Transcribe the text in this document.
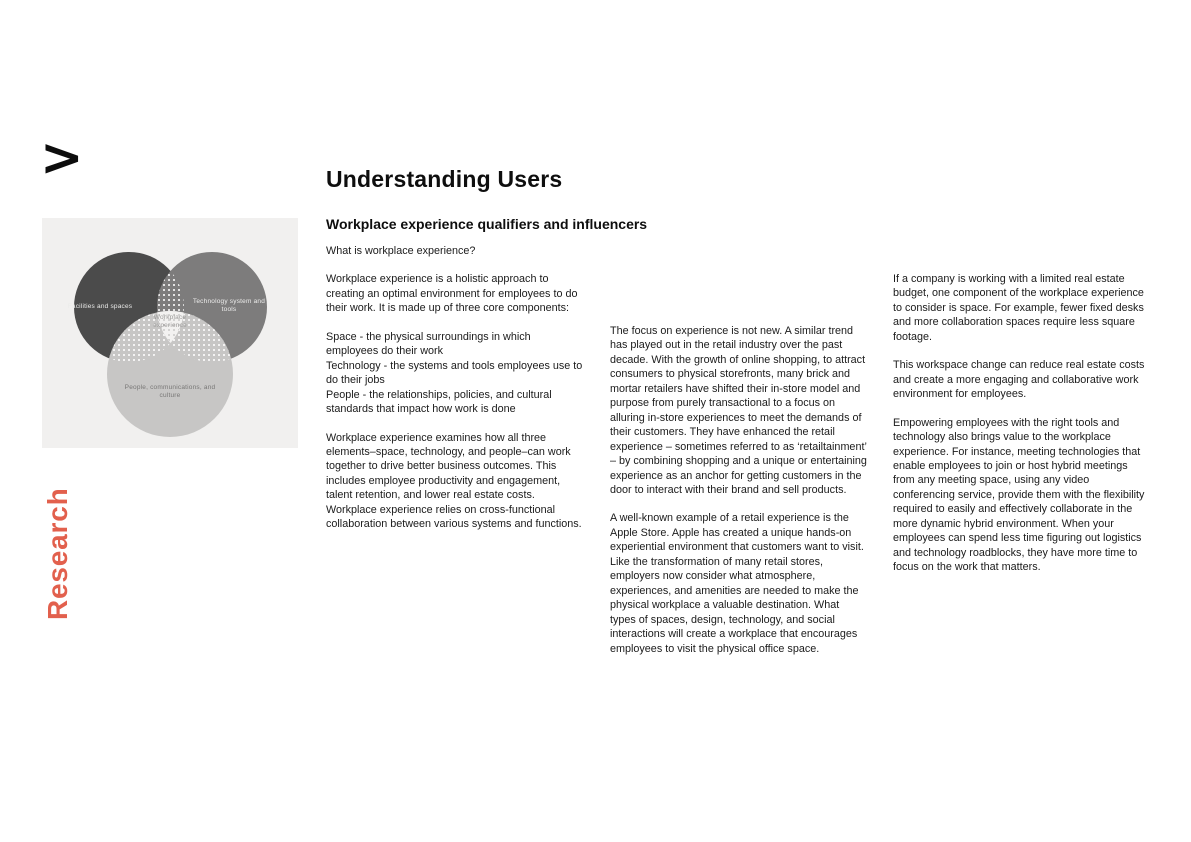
>
Facilities and spaces
Technology system and tools
People, communications, and culture
Workplace experience
Research
Understanding Users
Workplace experience qualifiers and influencers

What is workplace experience?

Workplace experience is a holistic approach to creating an optimal environment for employees to do their work. It is made up of three core components:

Space - the physical surroundings in which employees do their work

Technology - the systems and tools employees use to do their jobs

People - the relationships, policies, and cultural standards that impact how work is done

Workplace experience examines how all three elements–space, technology, and people–can work together to drive better business outcomes. This includes employee productivity and engagement, talent retention, and lower real estate costs. Workplace experience relies on cross-functional collaboration between various systems and functions.

The focus on experience is not new. A similar trend has played out in the retail industry over the past decade. With the growth of online shopping, to attract consumers to physical storefronts, many brick and mortar retailers have shifted their in-store model and purpose from purely transactional to a focus on alluring in-store experiences to meet the demands of their customers. They have enhanced the retail experience – sometimes referred to as ‘retailtainment’ – by combining shopping and a unique or entertaining experience as an anchor for getting customers in the door to interact with their brand and sell products.

A well-known example of a retail experience is the Apple Store. Apple has created a unique hands-on experiential environment that customers want to visit. Like the transformation of many retail stores, employers now consider what atmosphere, experiences, and amenities are needed to make the physical workplace a valuable destination. What types of spaces, design, technology, and social interactions will create a workplace that encourages employees to visit the physical office space.

If a company is working with a limited real estate budget, one component of the workplace experience to consider is space. For example, fewer fixed desks and more collaboration spaces require less square footage.

This workspace change can reduce real estate costs and create a more engaging and collaborative work environment for employees.

Empowering employees with the right tools and technology also brings value to the workplace experience. For instance, meeting technologies that enable employees to join or host hybrid meetings from any meeting space, using any video conferencing service, provide them with the flexibility required to easily and effectively collaborate in the more dynamic hybrid environment. When your employees can spend less time figuring out logistics and technology roadblocks, they have more time to focus on the work that matters.
